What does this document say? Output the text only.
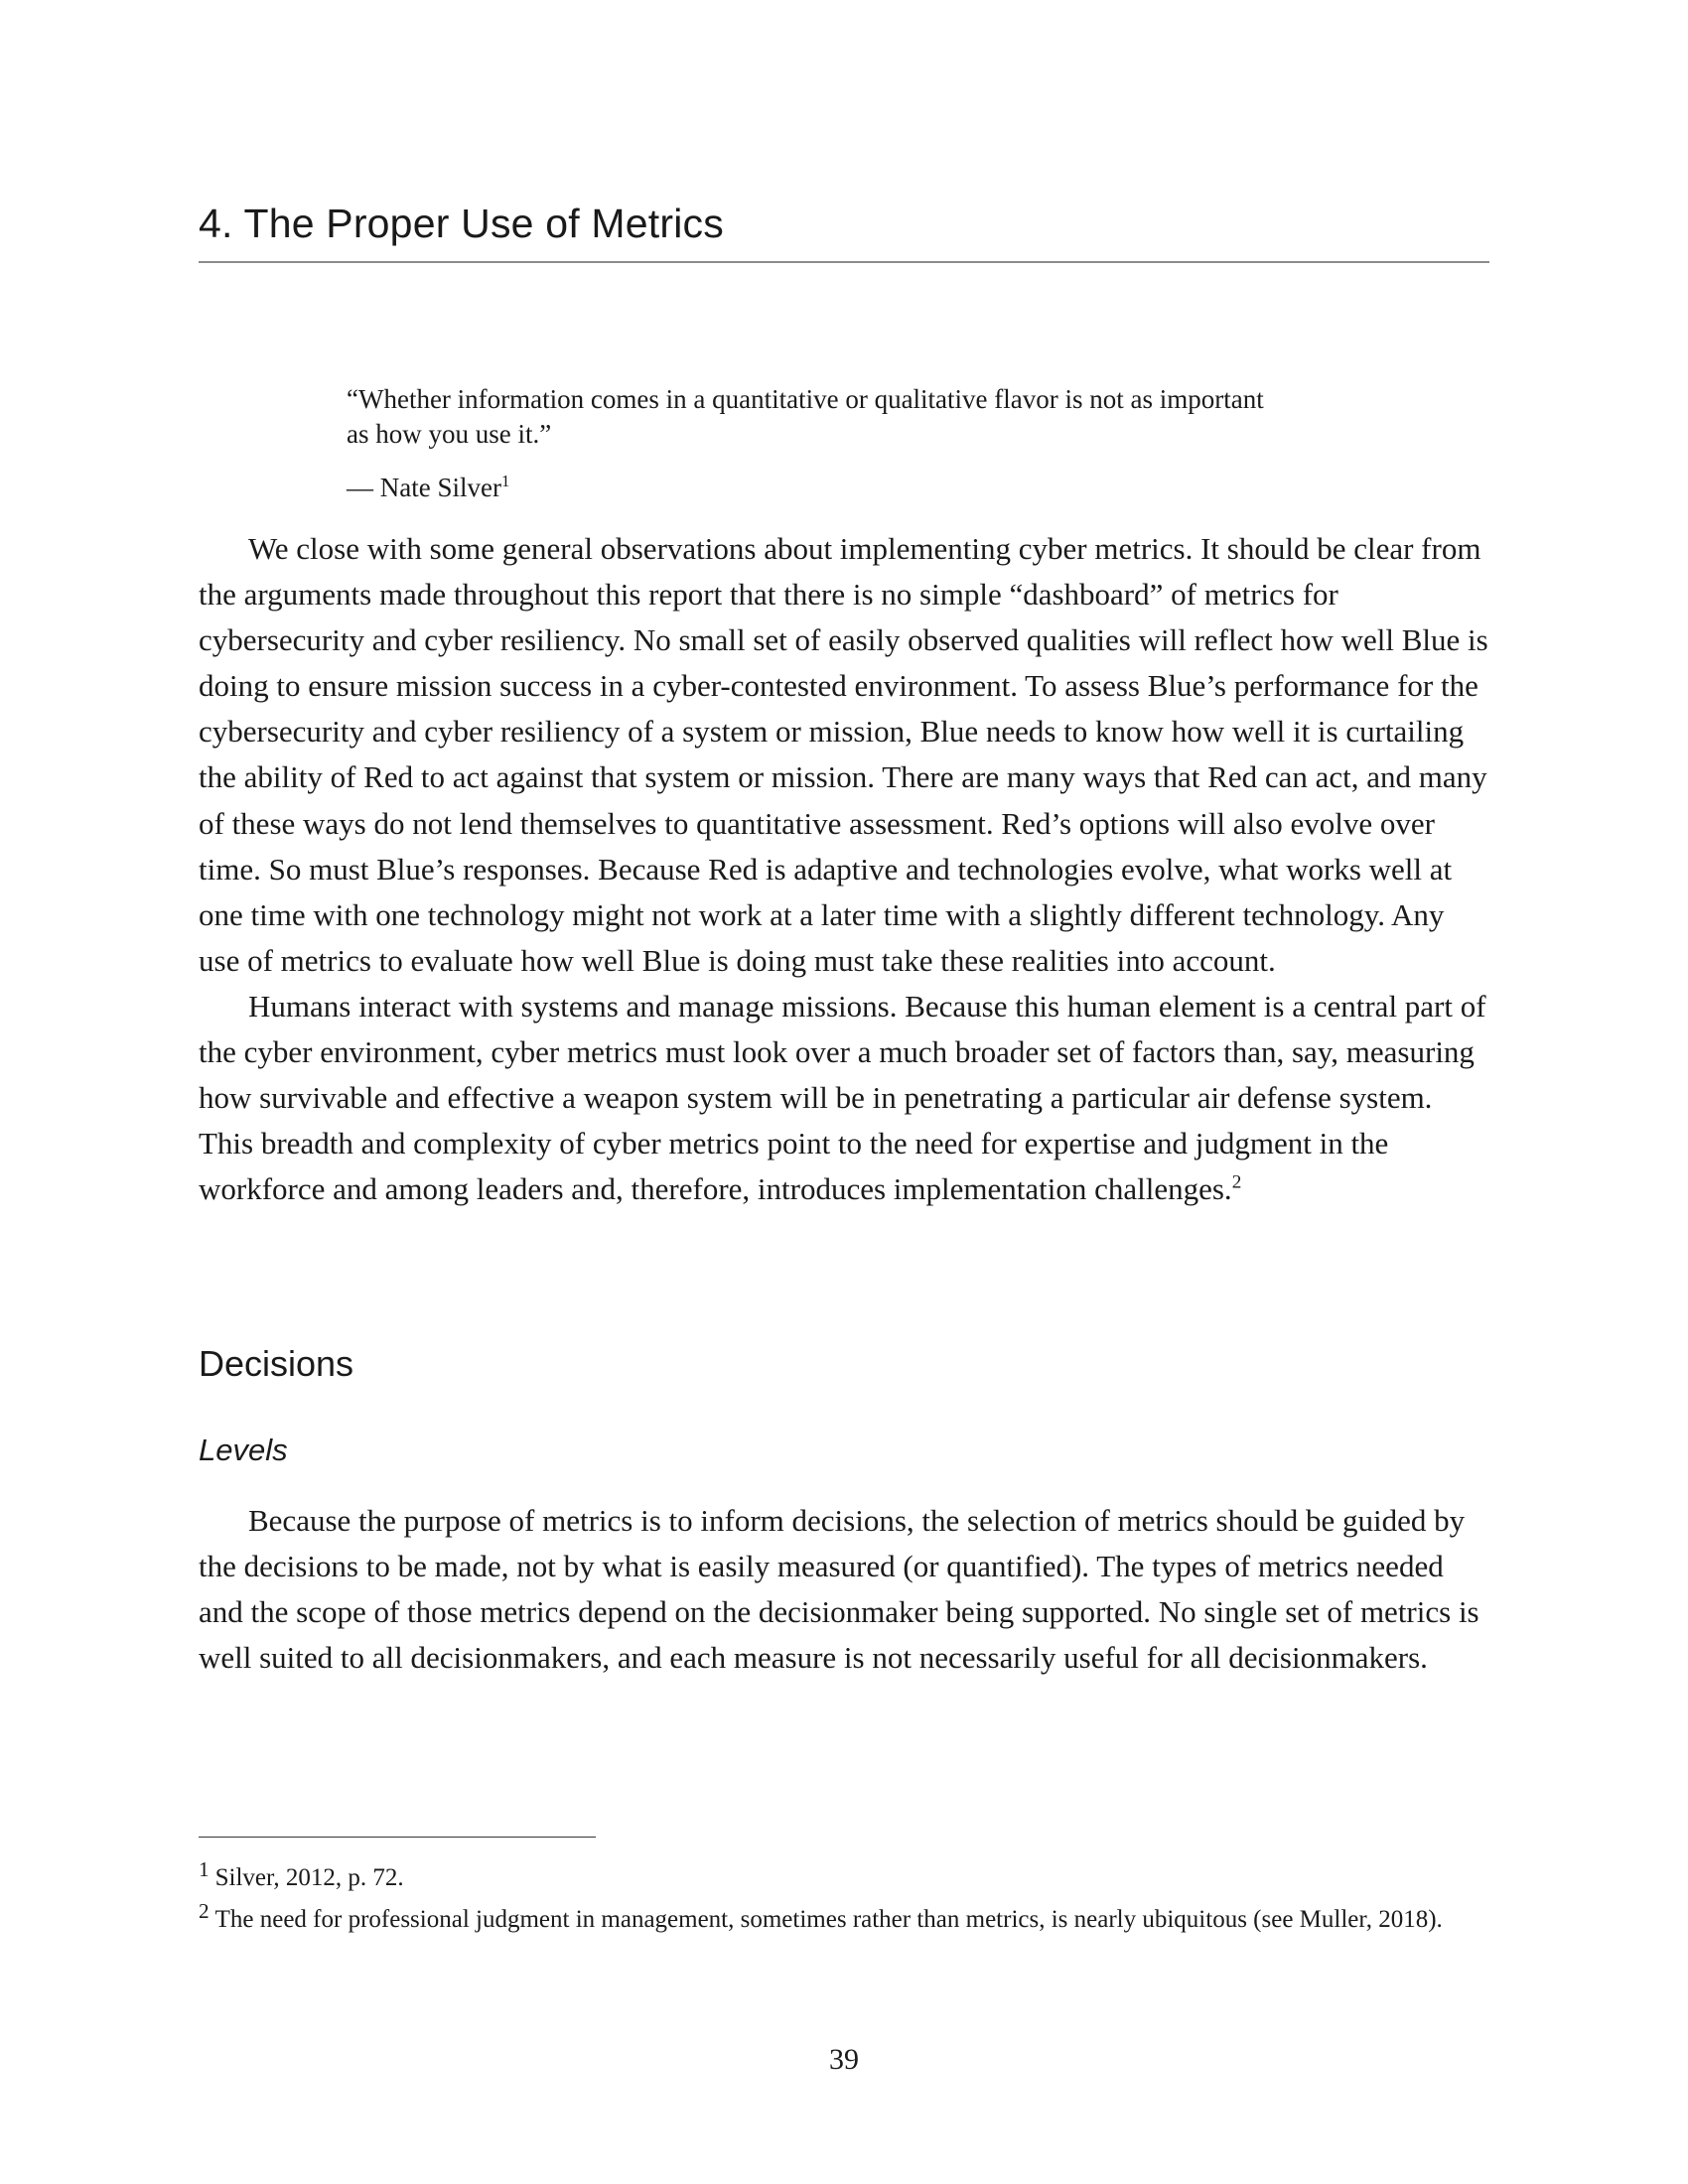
4. The Proper Use of Metrics

“Whether information comes in a quantitative or qualitative flavor is not as important as how you use it.”

— Nate Silver$^1$

We close with some general observations about implementing cyber metrics. It should be clear from the arguments made throughout this report that there is no simple “dashboard” of metrics for cybersecurity and cyber resiliency. No small set of easily observed qualities will reflect how well Blue is doing to ensure mission success in a cyber-contested environment. To assess Blue’s performance for the cybersecurity and cyber resiliency of a system or mission, Blue needs to know how well it is curtailing the ability of Red to act against that system or mission. There are many ways that Red can act, and many of these ways do not lend themselves to quantitative assessment. Red’s options will also evolve over time. So must Blue’s responses. Because Red is adaptive and technologies evolve, what works well at one time with one technology might not work at a later time with a slightly different technology. Any use of metrics to evaluate how well Blue is doing must take these realities into account.

Humans interact with systems and manage missions. Because this human element is a central part of the cyber environment, cyber metrics must look over a much broader set of factors than, say, measuring how survivable and effective a weapon system will be in penetrating a particular air defense system. This breadth and complexity of cyber metrics point to the need for expertise and judgment in the workforce and among leaders and, therefore, introduces implementation challenges.$^2$

Decisions
Levels

Because the purpose of metrics is to inform decisions, the selection of metrics should be guided by the decisions to be made, not by what is easily measured (or quantified). The types of metrics needed and the scope of those metrics depend on the decisionmaker being supported. No single set of metrics is well suited to all decisionmakers, and each measure is not necessarily useful for all decisionmakers.

$^1$ Silver, 2012, p. 72.

$^2$ The need for professional judgment in management, sometimes rather than metrics, is nearly ubiquitous (see Muller, 2018).

39
